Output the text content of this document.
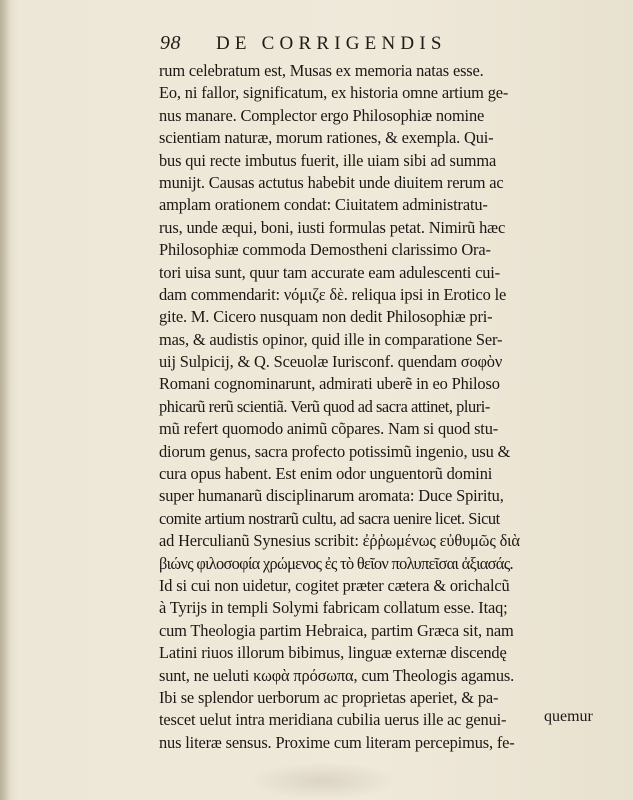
98 DE CORRIGENDIS
rum celebratum est, Musas ex memoria natas esse.
Eo, ni fallor, significatum, ex historia omne artium ge-
nus manare. Complector ergo Philosophiæ nomine
scientiam naturæ, morum rationes, & exempla. Qui-
bus qui recte imbutus fuerit, ille uiam sibi ad summa
munijt. Causas actutus habebit unde diuitem rerum ac
amplam orationem condat: Ciuitatem administratu-
rus, unde æqui, boni, iusti formulas petat. Nimirũ hæc
Philosophiæ commoda Demostheni clarissimo Ora-
tori uisa sunt, quur tam accurate eam adulescenti cui-
dam commendarit: νόμιζε δὲ. reliqua ipsi in Erotico le
gite. M. Cicero nusquam non dedit Philosophiæ pri-
mas, & audistis opinor, quid ille in comparatione Ser-
uij Sulpicij, & Q. Sceuolæ Iurisconf. quendam σοφὸν
Romani cognominarunt, admirati uberẽ in eo Philoso
phicarũ rerũ scientiã. Verũ quod ad sacra attinet, pluri-
mũ refert quomodo animũ cõpares. Nam si quod stu-
diorum genus, sacra profecto potissimũ ingenio, usu &
cura opus habent. Est enim odor unguentorũ domini
super humanarũ disciplinarum aromata: Duce Spiritu,
comite artium nostrarũ cultu, ad sacra uenire licet. Sicut
ad Herculianũ Synesius scribit: ἐῤῥωμένως εὐθυμῶς διὰ
βιώνς φιλοσοφία χρώμενος ἐς τὸ θεῖον πολυπεῖσαι ἀξιασάς.
Id si cui non uidetur, cogitet præter cætera & orichalcũ
à Tyrijs in templi Solymi fabricam collatum esse. Itaq;
cum Theologia partim Hebraica, partim Græca sit, nam
Latini riuos illorum bibimus, linguæ externæ discendę
sunt, ne ueluti κωφὰ πρόσωπα, cum Theologis agamus.
Ibi se splendor uerborum ac proprietas aperiet, & pa-
tescet uelut intra meridiana cubilia uerus ille ac genui-
nus literæ sensus. Proxime cum literam percepimus, fe-
quemur
